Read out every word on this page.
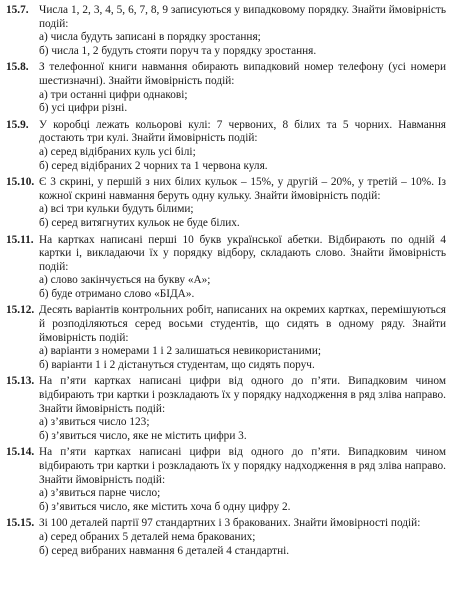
15.7. Числа 1, 2, 3, 4, 5, 6, 7, 8, 9 записуються у випадковому порядку. Знайти ймовірність подій:

а) числа будуть записані в порядку зростання;

б) числа 1, 2 будуть стояти поруч та у порядку зростання.

15.8. З телефонної книги навмання обирають випадковий номер телефону (усі номери шестизначні). Знайти ймовірність подій:

а) три останні цифри однакові;

б) усі цифри різні.

15.9. У коробці лежать кольорові кулі: 7 червоних, 8 білих та 5 чорних. Навмання достають три кулі. Знайти ймовірність подій:

а) серед відібраних куль усі білі;

б) серед відібраних 2 чорних та 1 червона куля.

15.10. Є 3 скрині, у першій з них білих кульок – 15%, у другій – 20%, у третій – 10%. Із кожної скрині навмання беруть одну кульку. Знайти ймовірність подій:

а) всі три кульки будуть білими;

б) серед витягнутих кульок не буде білих.

15.11. На картках написані перші 10 букв української абетки. Відбирають по одній 4 картки і, викладаючи їх у порядку відбору, складають слово. Знайти ймовірність подій:

а) слово закінчується на букву «А»;

б) буде отримано слово «БІДА».

15.12. Десять варіантів контрольних робіт, написаних на окремих картках, перемішуються й розподіляються серед восьми студентів, що сидять в одному ряду. Знайти ймовірність подій:

а) варіанти з номерами 1 і 2 залишаться невикористаними;

б) варіанти 1 і 2 дістануться студентам, що сидять поруч.

15.13. На п’яти картках написані цифри від одного до п’яти. Випадковим чином відбирають три картки і розкладають їх у порядку надходження в ряд зліва направо. Знайти ймовірність подій:

а) з’явиться число 123;

б) з’явиться число, яке не містить цифри 3.

15.14. На п’яти картках написані цифри від одного до п’яти. Випадковим чином відбирають три картки і розкладають їх у порядку надходження в ряд зліва направо. Знайти ймовірність подій:

а) з’явиться парне число;

б) з’явиться число, яке містить хоча б одну цифру 2.

15.15. Зі 100 деталей партії 97 стандартних і 3 бракованих. Знайти ймовірності подій:

а) серед обраних 5 деталей нема бракованих;

б) серед вибраних навмання 6 деталей 4 стандартні.
